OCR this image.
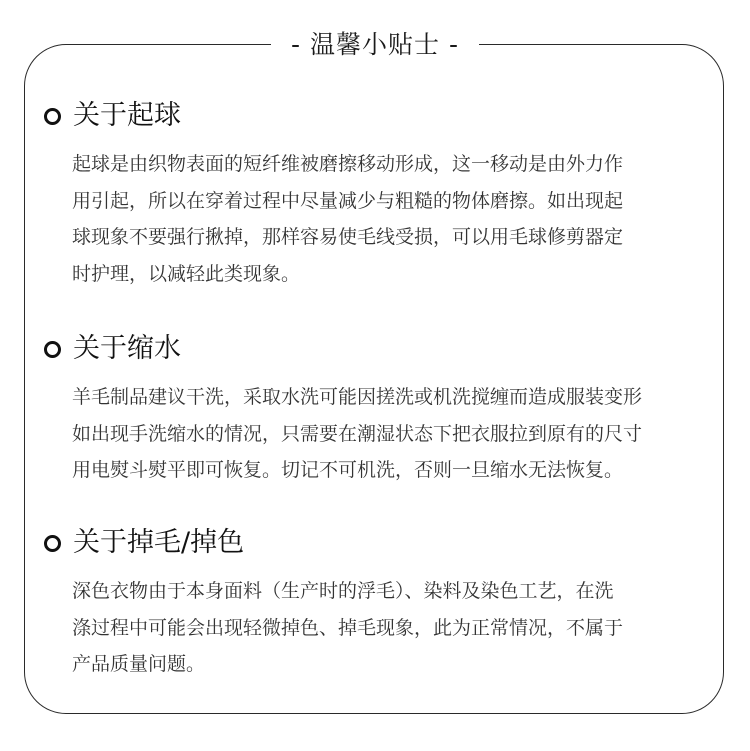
- 温馨小贴士 -
关于起球

起球是由织物表面的短纤维被磨擦移动形成，这一移动是由外力作
用引起，所以在穿着过程中尽量减少与粗糙的物体磨擦。如出现起
球现象不要强行揪掉，那样容易使毛线受损，可以用毛球修剪器定
时护理，以减轻此类现象。

关于缩水

羊毛制品建议干洗，采取水洗可能因搓洗或机洗搅缠而造成服装变形
如出现手洗缩水的情况，只需要在潮湿状态下把衣服拉到原有的尺寸
用电熨斗熨平即可恢复。切记不可机洗，否则一旦缩水无法恢复。

关于掉毛/掉色

深色衣物由于本身面料（生产时的浮毛）、染料及染色工艺，在洗
涤过程中可能会出现轻微掉色、掉毛现象，此为正常情况，不属于
产品质量问题。
